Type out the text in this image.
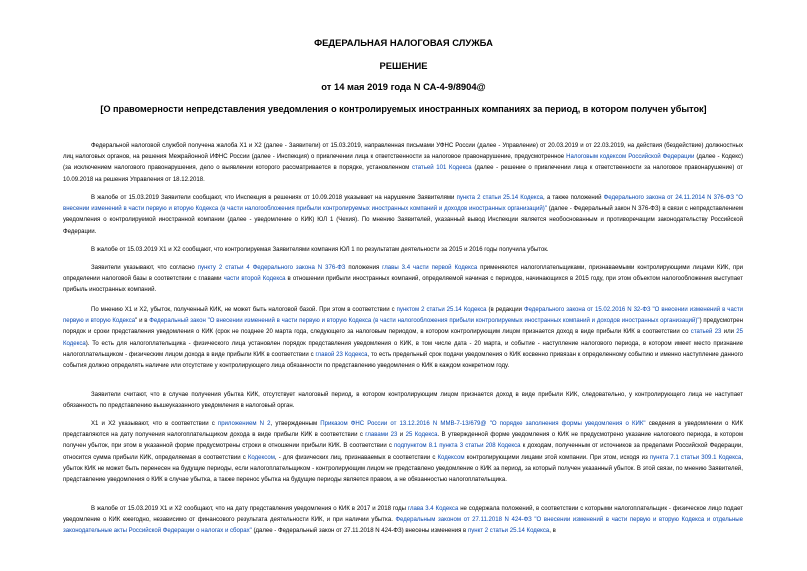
ФЕДЕРАЛЬНАЯ НАЛОГОВАЯ СЛУЖБА
РЕШЕНИЕ
от 14 мая 2019 года N СА-4-9/8904@
[О правомерности непредставления уведомления о контролируемых иностранных компаниях за период, в котором получен убыток]

Федеральной налоговой службой получена жалоба Х1 и Х2 (далее - Заявители) от 15.03.2019, направленная письмами УФНС России (далее - Управление) от 20.03.2019 и от 22.03.2019, на действия (бездействие) должностных лиц налоговых органов, на решения Межрайонной ИФНС России (далее - Инспекция) о привлечении лица к ответственности за налоговое правонарушение, предусмотренное Налоговым кодексом Российской Федерации (далее - Кодекс) (за исключением налогового правонарушения, дело о выявлении которого рассматривается в порядке, установленном статьей 101 Кодекса (далее - решение о привлечении лица к ответственности за налоговое правонарушение) от 10.09.2018 на решения Управления от 18.12.2018.

В жалобе от 15.03.2019 Заявители сообщают, что Инспекция в решениях от 10.09.2018 указывает на нарушение Заявителями пункта 2 статьи 25.14 Кодекса, а также положений Федерального закона от 24.11.2014 N 376-ФЗ "О внесении изменений в части первую и вторую Кодекса (в части налогообложения прибыли контролируемых иностранных компаний и доходов иностранных организаций)" (далее - Федеральный закон N 376-ФЗ) в связи с непредставлением уведомления о контролируемой иностранной компании (далее - уведомление о КИК) ЮЛ 1 (Чехия). По мнению Заявителей, указанный вывод Инспекции является необоснованным и противоречащим законодательству Российской Федерации.

В жалобе от 15.03.2019 Х1 и Х2 сообщают, что контролируемая Заявителями компания ЮЛ 1 по результатам деятельности за 2015 и 2016 годы получила убыток.

Заявители указывают, что согласно пункту 2 статьи 4 Федерального закона N 376-ФЗ положения главы 3.4 части первой Кодекса применяются налогоплательщиками, признаваемыми контролирующими лицами КИК, при определении налоговой базы в соответствии с главами части второй Кодекса в отношении прибыли иностранных компаний, определяемой начиная с периодов, начинающихся в 2015 году, при этом объектом налогообложения выступает прибыль иностранных компаний.

По мнению Х1 и Х2, убыток, полученный КИК, не может быть налоговой базой. При этом в соответствии с пунктом 2 статьи 25.14 Кодекса (в редакции Федерального закона от 15.02.2016 N 32-ФЗ "О внесении изменений в части первую и вторую Кодекса" и в Федеральный закон "О внесении изменений в части первую и вторую Кодекса (в части налогообложения прибыли контролируемых иностранных компаний и доходов иностранных организаций)") предусмотрен порядок и сроки представления уведомления о КИК (срок не позднее 20 марта года, следующего за налоговым периодом, в котором контролирующим лицом признается доход в виде прибыли КИК в соответствии со статьей 23 или 25 Кодекса). То есть для налогоплательщика - физического лица установлен порядок представления уведомления о КИК, в том числе дата - 20 марта, и событие - наступление налогового периода, в котором имеет место признание налогоплательщиком - физическим лицом дохода в виде прибыли КИК в соответствии с главой 23 Кодекса, то есть предельный срок подачи уведомления о КИК косвенно привязан к определенному событию и именно наступление данного события должно определять наличие или отсутствие у контролирующего лица обязанности по представлению уведомления о КИК в каждом конкретном году.

Заявители считают, что в случае получения убытка КИК, отсутствует налоговый период, в котором контролирующим лицом признается доход в виде прибыли КИК, следовательно, у контролирующего лица не наступает обязанность по представлению вышеуказанного уведомления в налоговый орган.

Х1 и Х2 указывают, что в соответствии с приложением N 2, утвержденным Приказом ФНС России от 13.12.2016 N ММВ-7-13/679@ "О порядке заполнения формы уведомления о КИК" сведения в уведомлении о КИК представляются на дату получения налогоплательщиком дохода в виде прибыли КИК в соответствии с главами 23 и 25 Кодекса. В утвержденной форме уведомления о КИК не предусмотрено указание налогового периода, в котором получен убыток, при этом в указанной форме предусмотрены строки в отношении прибыли КИК. В соответствии с подпунктом 8.1 пункта 3 статьи 208 Кодекса к доходам, полученным от источников за пределами Российской Федерации, относится сумма прибыли КИК, определяемая в соответствии с Кодексом, - для физических лиц, признаваемых в соответствии с Кодексом контролирующими лицами этой компании. При этом, исходя из пункта 7.1 статьи 309.1 Кодекса, убыток КИК не может быть перенесен на будущие периоды, если налогоплательщиком - контролирующим лицом не представлено уведомление о КИК за период, за который получен указанный убыток. В этой связи, по мнению Заявителей, представление уведомления о КИК в случае убытка, а также перенос убытка на будущие периоды является правом, а не обязанностью налогоплательщика.

В жалобе от 15.03.2019 Х1 и Х2 сообщают, что на дату представления уведомления о КИК в 2017 и 2018 годы глава 3.4 Кодекса не содержала положений, в соответствии с которыми налогоплательщик - физическое лицо подает уведомление о КИК ежегодно, независимо от финансового результата деятельности КИК, и при наличии убытка. Федеральным законом от 27.11.2018 N 424-ФЗ "О внесении изменений в части первую и вторую Кодекса и отдельные законодательные акты Российской Федерации о налогах и сборах" (далее - Федеральный закон от 27.11.2018 N 424-ФЗ) внесены изменения в пункт 2 статьи 25.14 Кодекса, в
